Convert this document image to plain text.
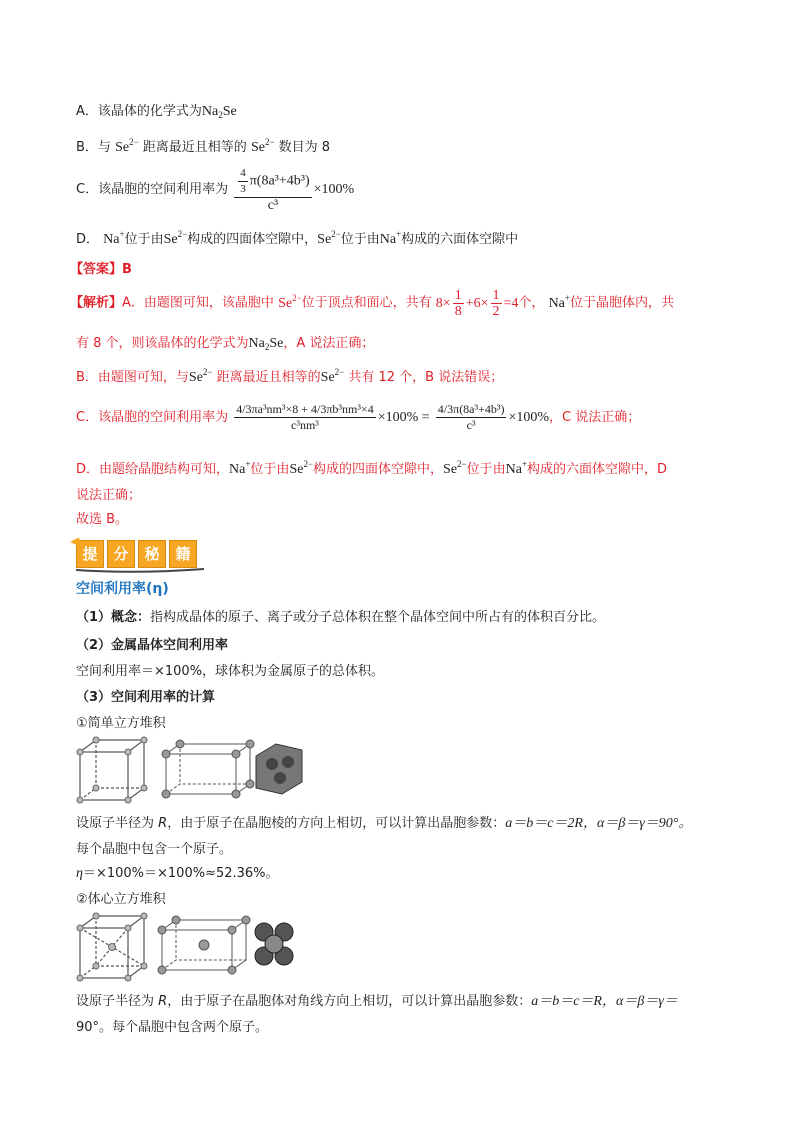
A．该晶体的化学式为$Na_2Se$
B．与 $Se^{2-}$ 距离最近且相等的 $Se^{2-}$ 数目为 8
C．该晶胞的空间利用率为 $\frac{\frac{4}{3} \pi(8a^3+4b^3)}{\text{c³}} \times 100\%$
D． Na+位于由$Se^{2-}$构成的四面体空隙中，$Se^{2-}$位于由Na+构成的六面体空隙中
【答案】B
【解析】A．由题图可知，该晶胞中 $Se^{2-}$位于顶点和面心，共有 $8\times \frac{1}{8} +6\times \frac{1}{2} =4$个， Na+位于晶胞体内，共
有 8 个，则该晶体的化学式为$Na_2Se$，A 说法正确；
B．由题图可知，与$Se^{2-}$ 距离最近且相等的$Se^{2-}$ 共有 12 个，B 说法错误；
C．该晶胞的空间利用率为 $\frac{\text{4/3πa³nm³×8 + 4/3πb³nm³×4}}{\text{c³nm³}} \times 100\% = \frac{\text{4/3π(8a³+4b³)}}{\text{c³}} \times 100\%$，C 说法正确；
D．由题给晶胞结构可知，Na+位于由$Se^{2-}$构成的四面体空隙中，$Se^{2-}$位于由Na+构成的六面体空隙中，D
说法正确；
故选 B。
◀
提 分 秘 籍
空间利用率(η)
（1）概念：指构成晶体的原子、离子或分子总体积在整个晶体空间中所占有的体积百分比。
（2）金属晶体空间利用率
空间利用率＝×100%，球体积为金属原子的总体积。
（3）空间利用率的计算
①简单立方堆积
设原子半径为 R，由于原子在晶胞棱的方向上相切，可以计算出晶胞参数：a＝b＝c＝2R，α＝β＝γ＝90°。
每个晶胞中包含一个原子。
η＝×100%＝×100%≈52.36%。
②体心立方堆积
设原子半径为 R，由于原子在晶胞体对角线方向上相切，可以计算出晶胞参数：a＝b＝c＝R，α＝β＝γ＝
90°。每个晶胞中包含两个原子。
